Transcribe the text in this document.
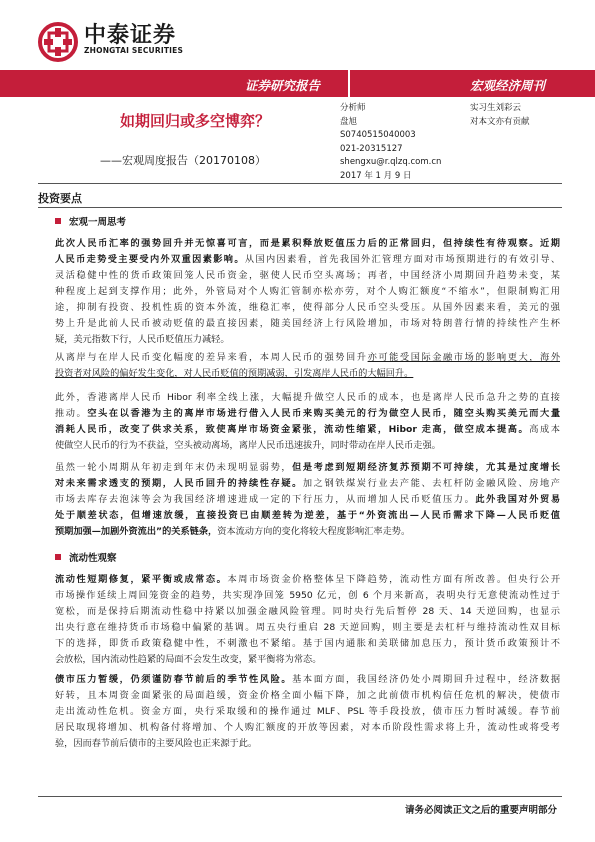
中泰证券
ZHONGTAI SECURITIES
证券研究报告	宏观经济周刊
如期回归或多空博弈？
——宏观周度报告（20170108）
分析师
盘旭
S0740515040003
021-20315127
shengxu@r.qlzq.com.cn
2017 年 1 月 9 日
实习生刘彩云
对本文亦有贡献
投资要点
宏观一周思考
此次人民币汇率的强势回升并无惊喜可言，而是累积释放贬值压力后的正常回归，但持续性有待观察。近期
人民币走势受主要受内外双重因素影响。从国内因素看，首先我国外汇管理方面对市场预期进行的有效引导、
灵活稳健中性的货币政策回笼人民币资金，驱使人民币空头离场；再者，中国经济小周期回升趋势未变，某
种程度上起到支撑作用；此外，外管局对个人购汇管制亦松亦劳，对个人购汇额度“不缩水”，但限制购汇用
途，抑制有投资、投机性质的资本外流，维稳汇率，使得部分人民币空头受压。从国外因素来看，美元的强
势上升是此前人民币被动贬值的最直接因素，随美国经济上行风险增加，市场对特朗普行情的持续性产生杯
疑，美元指数下行，人民币贬值压力减轻。
从离岸与在岸人民币变化幅度的差异来看，本周人民币的强势回升亦可能受国际金融市场的影响更大，海外
投资者对风险的偏好发生变化，对人民币贬值的预期减弱，引发离岸人民币的大幅回升。
此外，香港离岸人民币 Hibor 利率全线上涨，大幅提升做空人民币的成本，也是离岸人民币急升之势的直接
推动。空头在以香港为主的离岸市场进行借入人民币来购买美元的行为做空人民币，随空头购买美元而大量
消耗人民币，改变了供求关系，致使离岸市场资金紧张，流动性缩紧，Hibor 走高，做空成本提高。高成本
使做空人民币的行为不获益，空头被动离场，离岸人民币迅速拔升，同时带动在岸人民币走强。
虽然一轮小周期从年初走到年末仍未现明显弱势，但是考虑到短期经济复苏预期不可持续，尤其是过度增长
对未来需求透支的预期，人民币回升的持续性存疑。加之钢铁煤炭行业去产能、去杠杆防金融风险、房地产
市场去库存去泡沫等会为我国经济增速进成一定的下行压力，从而增加人民币贬值压力。此外我国对外贸易
处于顺差状态，但增速放缓，直接投资已由顺差转为逆差，基于“外资流出—人民币需求下降—人民币贬值
预期加强—加剧外资流出”的关系链条，资本流动方向的变化将较大程度影响汇率走势。
流动性观察
流动性短期修复，紧平衡或成常态。本周市场资金价格整体呈下降趋势，流动性方面有所改善。但央行公开
市场操作延续上周回笼资金的趋势，共实现净回笼 5950 亿元，创 6 个月来新高，表明央行无意使流动性过于
宽松，而是保持后期流动性稳中持紧以加强金融风险管理。同时央行先后暂停 28 天、14 天逆回购，也显示
出央行意在维持货币市场稳中偏紧的基调。周五央行重启 28 天逆回购，则主要是去杠杆与维持流动性双目标
下的选择，即货币政策稳健中性，不刺激也不紧缩。基于国内通胀和美联储加息压力，预计货币政策预计不
会放松，国内流动性趋紧的局面不会发生改变，紧平衡将为常态。
债市压力暂缓，仍须谨防春节前后的季节性风险。基本面方面，我国经济仍处小周期回升过程中，经济数据
好转，且本周资金面紧张的局面趋缓，资金价格全面小幅下降，加之此前债市机构信任危机的解决，使债市
走出流动性危机。资金方面，央行采取缓和的操作通过 MLF、PSL 等手段投放，债市压力暂时减缓。春节前
居民取现将增加、机构备付将增加、个人购汇额度的开放等因素，对本币阶段性需求将上升，流动性或将受考
验，因而春节前后债市的主要风险也正来源于此。
请务必阅读正文之后的重要声明部分
